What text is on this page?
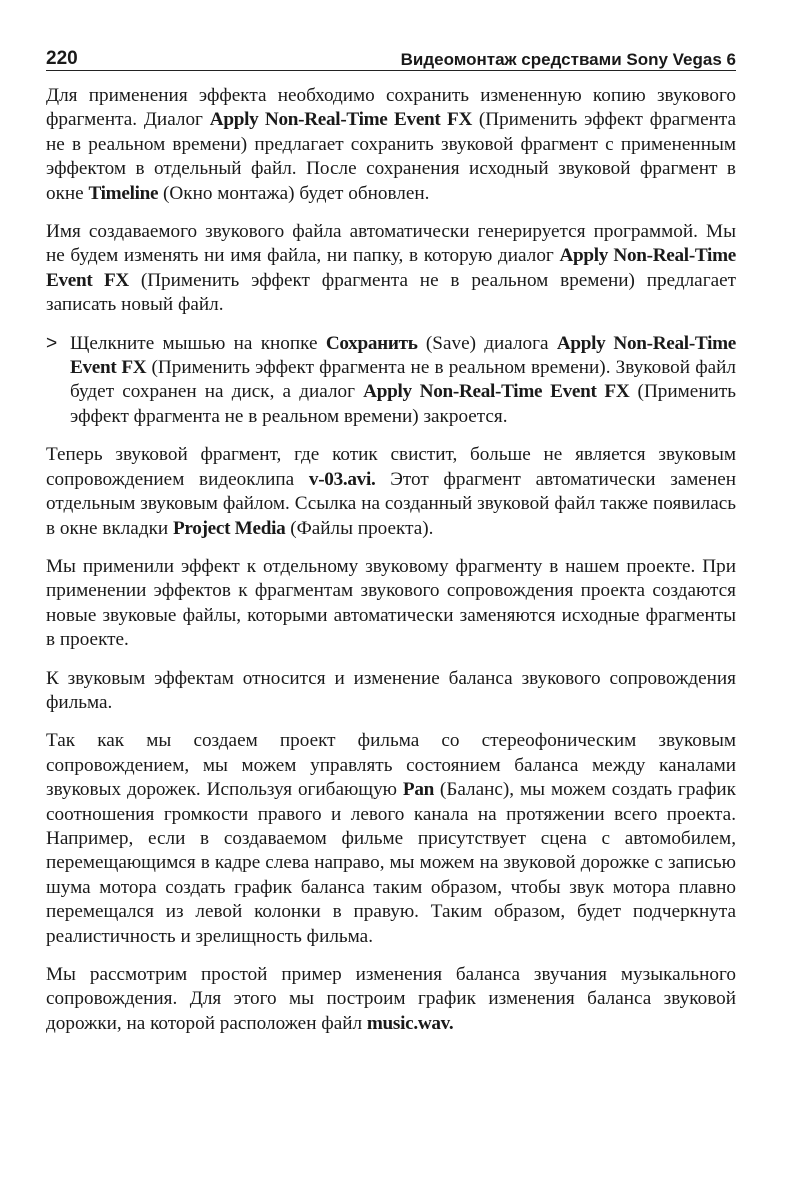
220	Видеомонтаж средствами Sony Vegas 6

Для применения эффекта необходимо сохранить измененную копию звукового фрагмента. Диалог Apply Non-Real-Time Event FX (Применить эффект фрагмента не в реальном времени) предлагает сохранить звуковой фрагмент с примененным эффектом в отдельный файл. После сохранения исходный звуковой фрагмент в окне Timeline (Окно монтажа) будет обновлен.

Имя создаваемого звукового файла автоматически генерируется программой. Мы не будем изменять ни имя файла, ни папку, в которую диалог Apply Non-Real-Time Event FX (Применить эффект фрагмента не в реальном времени) предлагает записать новый файл.

> Щелкните мышью на кнопке Сохранить (Save) диалога Apply Non-Real-Time Event FX (Применить эффект фрагмента не в реальном времени). Звуковой файл будет сохранен на диск, а диалог Apply Non-Real-Time Event FX (Применить эффект фрагмента не в реальном времени) закроется.

Теперь звуковой фрагмент, где котик свистит, больше не является звуковым сопровождением видеоклипа v-03.avi. Этот фрагмент автоматически заменен отдельным звуковым файлом. Ссылка на созданный звуковой файл также появилась в окне вкладки Project Media (Файлы проекта).

Мы применили эффект к отдельному звуковому фрагменту в нашем проекте. При применении эффектов к фрагментам звукового сопровождения проекта создаются новые звуковые файлы, которыми автоматически заменяются исходные фрагменты в проекте.

К звуковым эффектам относится и изменение баланса звукового сопровождения фильма.

Так как мы создаем проект фильма со стереофоническим звуковым сопровождением, мы можем управлять состоянием баланса между каналами звуковых дорожек. Используя огибающую Pan (Баланс), мы можем создать график соотношения громкости правого и левого канала на протяжении всего проекта. Например, если в создаваемом фильме присутствует сцена с автомобилем, перемещающимся в кадре слева направо, мы можем на звуковой дорожке с записью шума мотора создать график баланса таким образом, чтобы звук мотора плавно перемещался из левой колонки в правую. Таким образом, будет подчеркнута реалистичность и зрелищность фильма.

Мы рассмотрим простой пример изменения баланса звучания музыкального сопровождения. Для этого мы построим график изменения баланса звуковой дорожки, на которой расположен файл music.wav.
